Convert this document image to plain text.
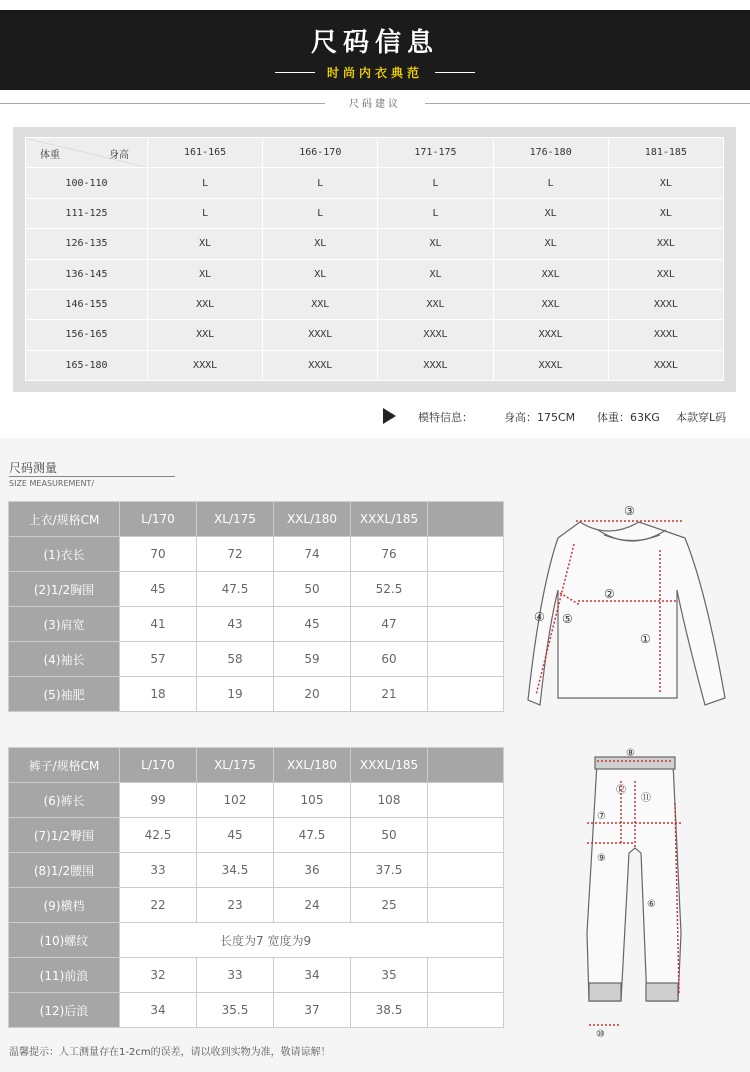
尺码信息
时尚内衣典范
尺码建议
身高
体重	161-165	166-170	171-175	176-180	181-185
100-110	L	L	L	L	XL
111-125	L	L	L	XL	XL
126-135	XL	XL	XL	XL	XXL
136-145	XL	XL	XL	XXL	XXL
146-155	XXL	XXL	XXL	XXL	XXXL
156-165	XXL	XXXL	XXXL	XXXL	XXXL
165-180	XXXL	XXXL	XXXL	XXXL	XXXL
模特信息：	身高：175CM 体重：63KG 本款穿L码
尺码测量
SIZE MEASUREMENT/
上衣/规格CM	L/170	XL/175	XXL/180	XXXL/185	
(1)衣长	70	72	74	76	
(2)1/2胸围	45	47.5	50	52.5	
(3)肩宽	41	43	45	47	
(4)袖长	57	58	59	60	
(5)袖肥	18	19	20	21	
裤子/规格CM	L/170	XL/175	XXL/180	XXXL/185	
(6)裤长	99	102	105	108	
(7)1/2臀围	42.5	45	47.5	50	
(8)1/2腰围	33	34.5	36	37.5	
(9)横档	22	23	24	25	
(10)螺纹	长度为7 宽度为9				
(11)前浪	32	33	34	35	
(12)后浪	34	35.5	37	38.5	
③
②
④ ⑤
①
⑧
⑫
⑪
⑦
⑨
⑥
⑩
温馨提示：人工测量存在1-2cm的误差，请以收到实物为准，敬请谅解！
